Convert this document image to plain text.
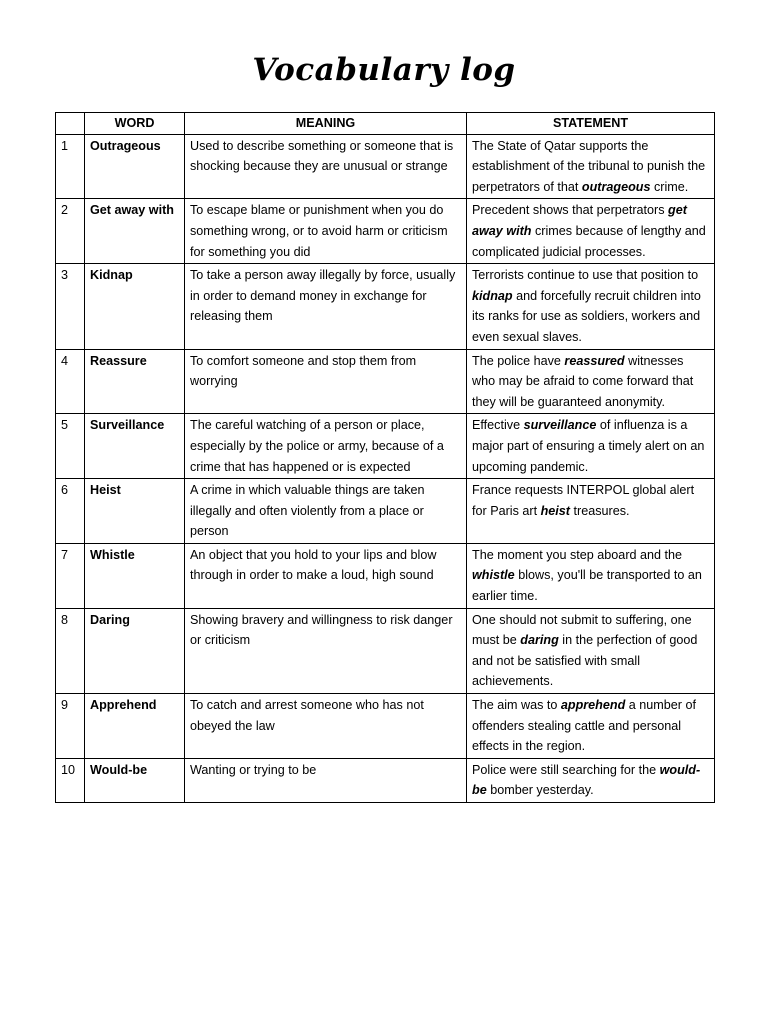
Vocabulary log
	WORD	MEANING	STATEMENT
1	Outrageous	Used to describe something or someone that is shocking because they are unusual or strange	The State of Qatar supports the establishment of the tribunal to punish the perpetrators of that outrageous crime.
2	Get away with	To escape blame or punishment when you do something wrong, or to avoid harm or criticism for something you did	Precedent shows that perpetrators get away with crimes because of lengthy and complicated judicial processes.
3	Kidnap	To take a person away illegally by force, usually in order to demand money in exchange for releasing them	Terrorists continue to use that position to kidnap and forcefully recruit children into its ranks for use as soldiers, workers and even sexual slaves.
4	Reassure	To comfort someone and stop them from worrying	The police have reassured witnesses who may be afraid to come forward that they will be guaranteed anonymity.
5	Surveillance	The careful watching of a person or place, especially by the police or army, because of a crime that has happened or is expected	Effective surveillance of influenza is a major part of ensuring a timely alert on an upcoming pandemic.
6	Heist	A crime in which valuable things are taken illegally and often violently from a place or person	France requests INTERPOL global alert for Paris art heist treasures.
7	Whistle	An object that you hold to your lips and blow through in order to make a loud, high sound	The moment you step aboard and the whistle blows, you'll be transported to an earlier time.
8	Daring	Showing bravery and willingness to risk danger or criticism	One should not submit to suffering, one must be daring in the perfection of good and not be satisfied with small achievements.
9	Apprehend	To catch and arrest someone who has not obeyed the law	The aim was to apprehend a number of offenders stealing cattle and personal effects in the region.
10	Would-be	Wanting or trying to be	Police were still searching for the would-be bomber yesterday.
